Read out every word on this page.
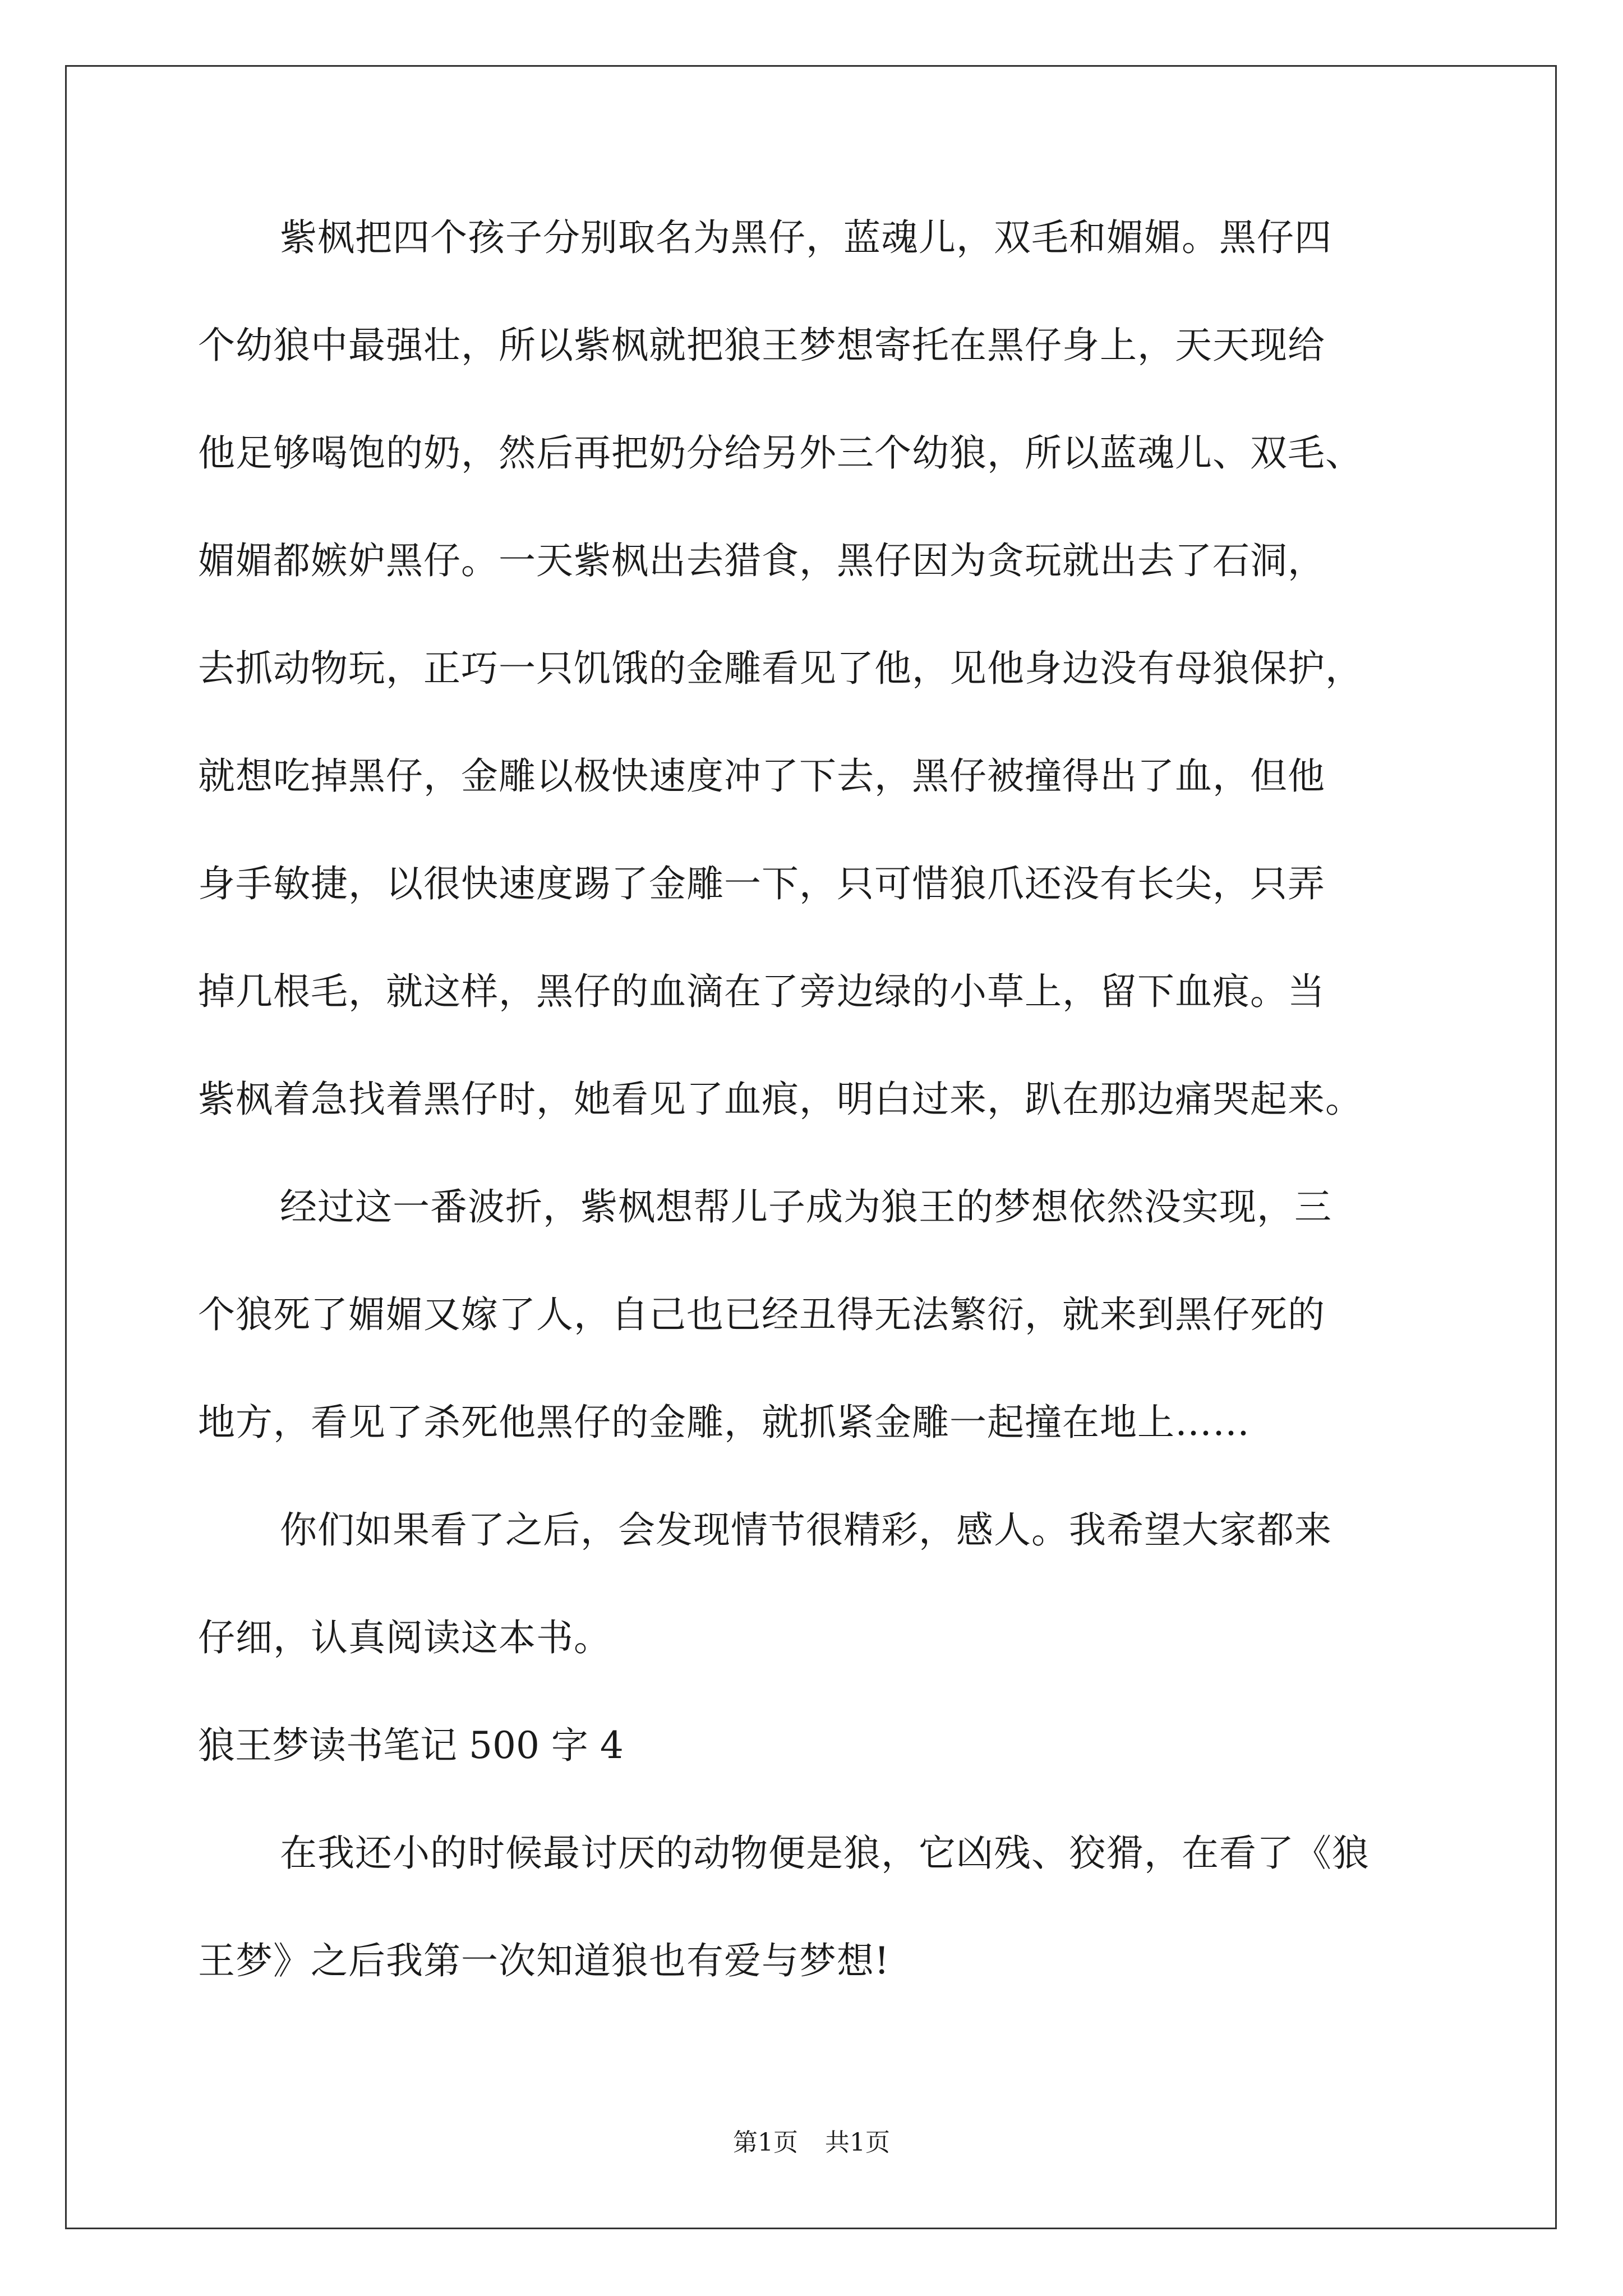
紫枫把四个孩子分别取名为黑仔，蓝魂儿，双毛和媚媚。黑仔四
个幼狼中最强壮，所以紫枫就把狼王梦想寄托在黑仔身上，天天现给
他足够喝饱的奶，然后再把奶分给另外三个幼狼，所以蓝魂儿、双毛、
媚媚都嫉妒黑仔。一天紫枫出去猎食，黑仔因为贪玩就出去了石洞，
去抓动物玩，正巧一只饥饿的金雕看见了他，见他身边没有母狼保护，
就想吃掉黑仔，金雕以极快速度冲了下去，黑仔被撞得出了血，但他
身手敏捷，以很快速度踢了金雕一下，只可惜狼爪还没有长尖，只弄
掉几根毛，就这样，黑仔的血滴在了旁边绿的小草上，留下血痕。当
紫枫着急找着黑仔时，她看见了血痕，明白过来，趴在那边痛哭起来。
经过这一番波折，紫枫想帮儿子成为狼王的梦想依然没实现，三
个狼死了媚媚又嫁了人，自己也已经丑得无法繁衍，就来到黑仔死的
地方，看见了杀死他黑仔的金雕，就抓紧金雕一起撞在地上……
你们如果看了之后，会发现情节很精彩，感人。我希望大家都来
仔细，认真阅读这本书。
狼王梦读书笔记 500 字 4
在我还小的时候最讨厌的动物便是狼，它凶残、狡猾，在看了《狼
王梦》之后我第一次知道狼也有爱与梦想!
第1页 共1页
